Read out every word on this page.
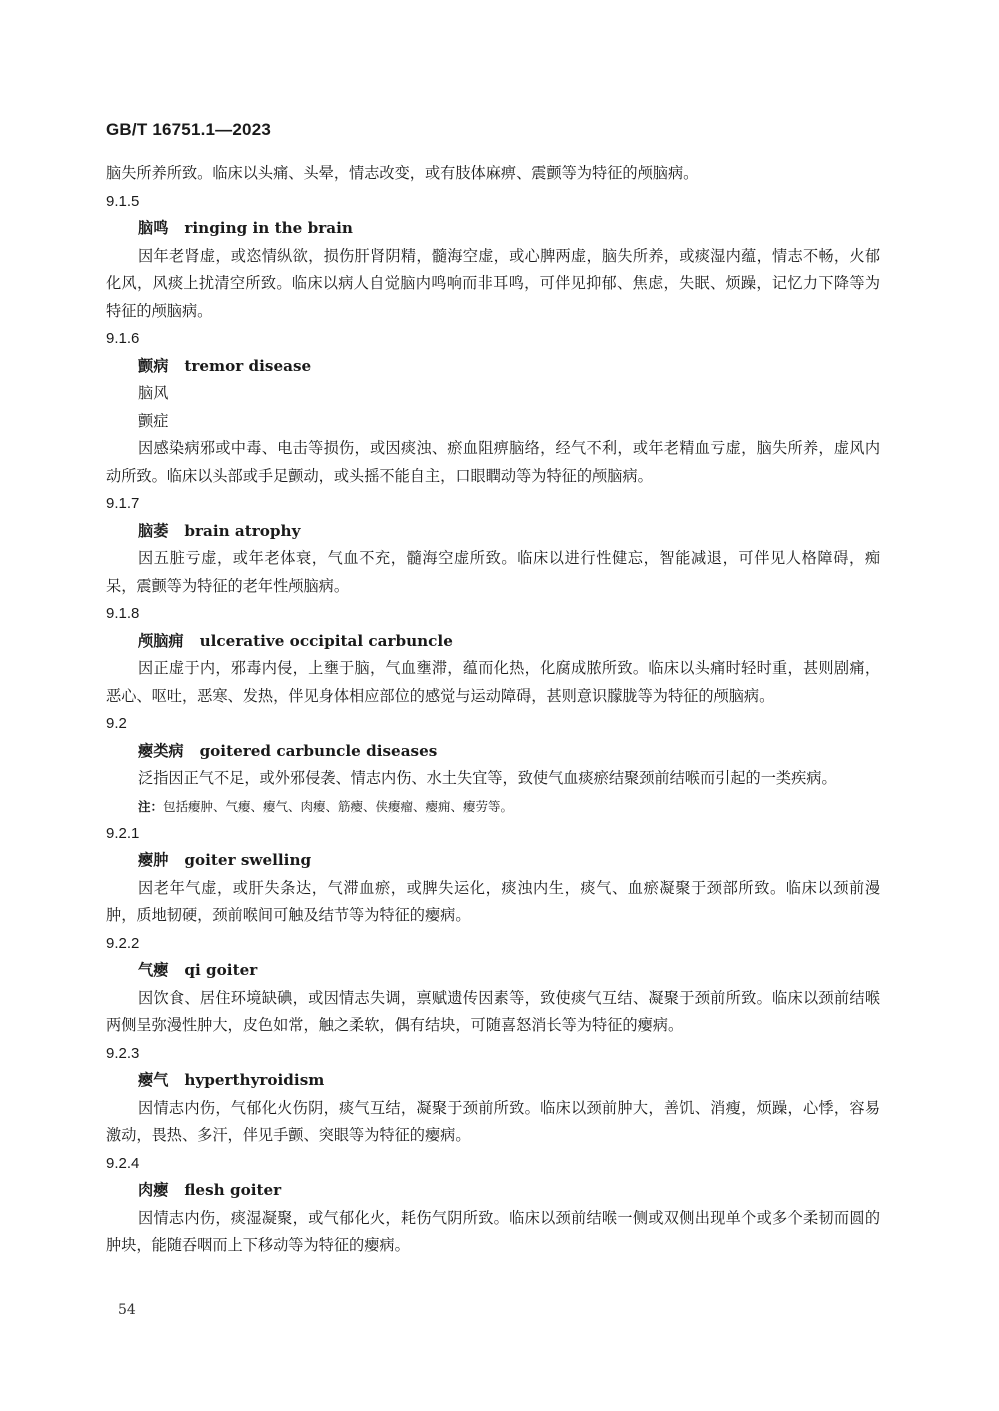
GB/T 16751.1—2023

脑失所养所致。临床以头痛、头晕，情志改变，或有肢体麻痹、震颤等为特征的颅脑病。

9.1.5

脑鸣 ringing in the brain

因年老肾虚，或恣情纵欲，损伤肝肾阴精，髓海空虚，或心脾两虚，脑失所养，或痰湿内蕴，情志不畅，火郁化风，风痰上扰清空所致。临床以病人自觉脑内鸣响而非耳鸣，可伴见抑郁、焦虑，失眠、烦躁，记忆力下降等为特征的颅脑病。

9.1.6

颤病 tremor disease

脑风

颤症

因感染病邪或中毒、电击等损伤，或因痰浊、瘀血阻痹脑络，经气不利，或年老精血亏虚，脑失所养，虚风内动所致。临床以头部或手足颤动，或头摇不能自主，口眼瞤动等为特征的颅脑病。

9.1.7

脑萎 brain atrophy

因五脏亏虚，或年老体衰，气血不充，髓海空虚所致。临床以进行性健忘，智能减退，可伴见人格障碍，痴呆，震颤等为特征的老年性颅脑病。

9.1.8

颅脑痈 ulcerative occipital carbuncle

因正虚于内，邪毒内侵，上壅于脑，气血壅滞，蕴而化热，化腐成脓所致。临床以头痛时轻时重，甚则剧痛，恶心、呕吐，恶寒、发热，伴见身体相应部位的感觉与运动障碍，甚则意识朦胧等为特征的颅脑病。

9.2

瘿类病 goitered carbuncle diseases

泛指因正气不足，或外邪侵袭、情志内伤、水土失宜等，致使气血痰瘀结聚颈前结喉而引起的一类疾病。

注：包括瘿肿、气瘿、瘿气、肉瘿、筋瘿、侠瘿瘤、瘿痈、瘿劳等。

9.2.1

瘿肿 goiter swelling

因老年气虚，或肝失条达，气滞血瘀，或脾失运化，痰浊内生，痰气、血瘀凝聚于颈部所致。临床以颈前漫肿，质地韧硬，颈前喉间可触及结节等为特征的瘿病。

9.2.2

气瘿 qi goiter

因饮食、居住环境缺碘，或因情志失调，禀赋遗传因素等，致使痰气互结、凝聚于颈前所致。临床以颈前结喉两侧呈弥漫性肿大，皮色如常，触之柔软，偶有结块，可随喜怒消长等为特征的瘿病。

9.2.3

瘿气 hyperthyroidism

因情志内伤，气郁化火伤阴，痰气互结，凝聚于颈前所致。临床以颈前肿大，善饥、消瘦，烦躁，心悸，容易激动，畏热、多汗，伴见手颤、突眼等为特征的瘿病。

9.2.4

肉瘿 flesh goiter

因情志内伤，痰湿凝聚，或气郁化火，耗伤气阴所致。临床以颈前结喉一侧或双侧出现单个或多个柔韧而圆的肿块，能随吞咽而上下移动等为特征的瘿病。

54
